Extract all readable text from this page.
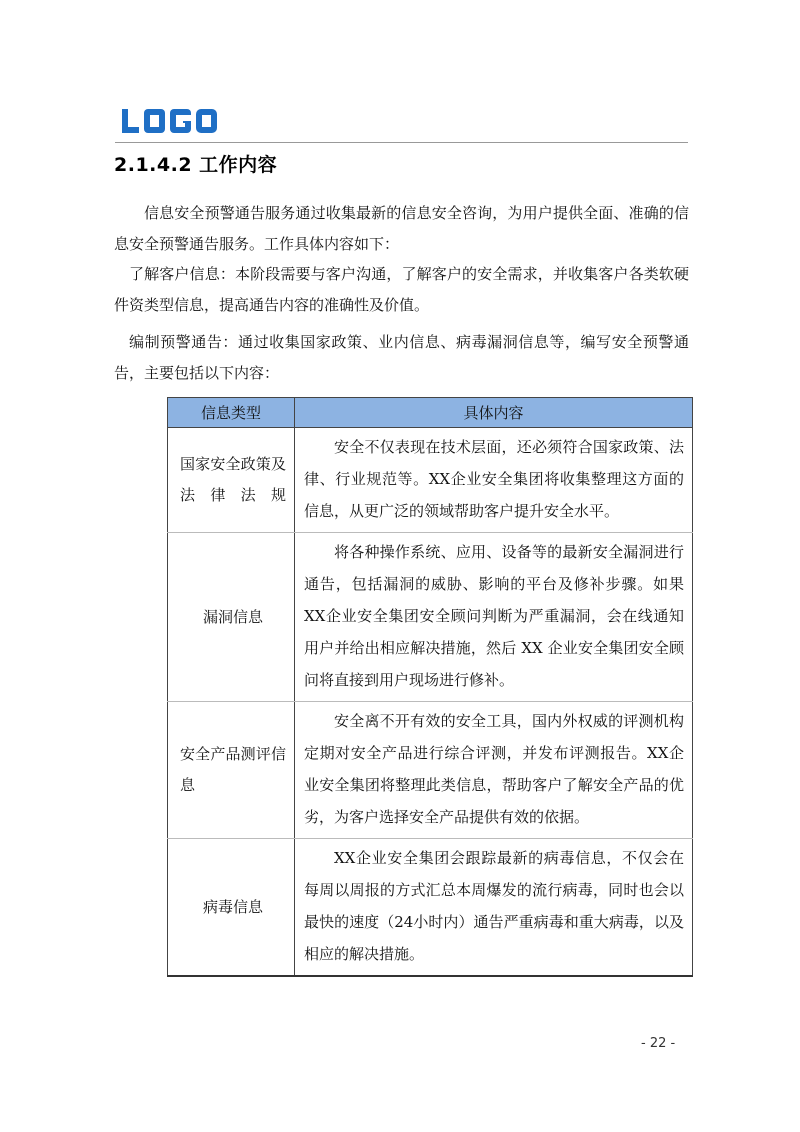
2.1.4.2 工作内容

信息安全预警通告服务通过收集最新的信息安全咨询，为用户提供全面、准确的信息安全预警通告服务。工作具体内容如下：

了解客户信息：本阶段需要与客户沟通，了解客户的安全需求，并收集客户各类软硬件资类型信息，提高通告内容的准确性及价值。

编制预警通告：通过收集国家政策、业内信息、病毒漏洞信息等，编写安全预警通告，主要包括以下内容：

信息类型	具体内容
国家安全政策及法律法规	安全不仅表现在技术层面，还必须符合国家政策、法律、行业规范等。XX企业安全集团将收集整理这方面的信息，从更广泛的领域帮助客户提升安全水平。
漏洞信息	将各种操作系统、应用、设备等的最新安全漏洞进行通告，包括漏洞的威胁、影响的平台及修补步骤。如果XX企业安全集团安全顾问判断为严重漏洞，会在线通知用户并给出相应解决措施，然后 XX 企业安全集团安全顾问将直接到用户现场进行修补。
安全产品测评信息	安全离不开有效的安全工具，国内外权威的评测机构定期对安全产品进行综合评测，并发布评测报告。XX企业安全集团将整理此类信息，帮助客户了解安全产品的优劣，为客户选择安全产品提供有效的依据。
病毒信息	XX企业安全集团会跟踪最新的病毒信息，不仅会在每周以周报的方式汇总本周爆发的流行病毒，同时也会以最快的速度（24小时内）通告严重病毒和重大病毒，以及相应的解决措施。
- 22 -
